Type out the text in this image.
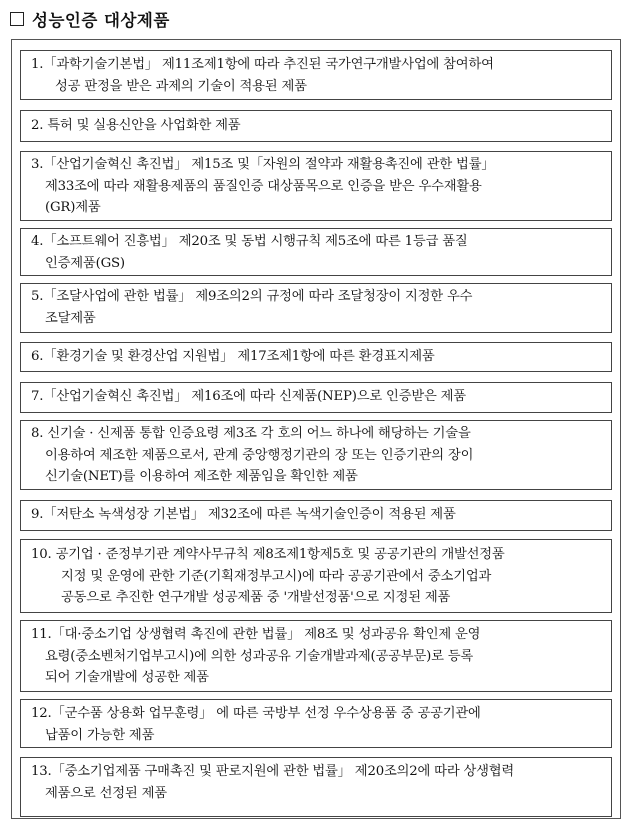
성능인증 대상제품
1.「과학기술기본법」 제11조제1항에 따라 추진된 국가연구개발사업에 참여하여
성공 판정을 받은 과제의 기술이 적용된 제품
2. 특허 및 실용신안을 사업화한 제품
3.「산업기술혁신 촉진법」 제15조 및「자원의 절약과 재활용촉진에 관한 법률」
제33조에 따라 재활용제품의 품질인증 대상품목으로 인증을 받은 우수재활용
(GR)제품
4.「소프트웨어 진흥법」 제20조 및 동법 시행규칙 제5조에 따른 1등급 품질
인증제품(GS)
5.「조달사업에 관한 법률」 제9조의2의 규정에 따라 조달청장이 지정한 우수
조달제품
6.「환경기술 및 환경산업 지원법」 제17조제1항에 따른 환경표지제품
7.「산업기술혁신 촉진법」 제16조에 따라 신제품(NEP)으로 인증받은 제품
8. 신기술 · 신제품 통합 인증요령 제3조 각 호의 어느 하나에 해당하는 기술을
이용하여 제조한 제품으로서, 관계 중앙행정기관의 장 또는 인증기관의 장이
신기술(NET)를 이용하여 제조한 제품임을 확인한 제품
9.「저탄소 녹색성장 기본법」 제32조에 따른 녹색기술인증이 적용된 제품
10. 공기업 · 준정부기관 계약사무규칙 제8조제1항제5호 및 공공기관의 개발선정품
지정 및 운영에 관한 기준(기획재정부고시)에 따라 공공기관에서 중소기업과
공동으로 추진한 연구개발 성공제품 중 '개발선정품'으로 지정된 제품
11.「대·중소기업 상생협력 촉진에 관한 법률」 제8조 및 성과공유 확인제 운영
요령(중소벤처기업부고시)에 의한 성과공유 기술개발과제(공공부문)로 등록
되어 기술개발에 성공한 제품
12.「군수품 상용화 업무훈령」 에 따른 국방부 선정 우수상용품 중 공공기관에
납품이 가능한 제품
13.「중소기업제품 구매촉진 및 판로지원에 관한 법률」 제20조의2에 따라 상생협력
제품으로 선정된 제품
